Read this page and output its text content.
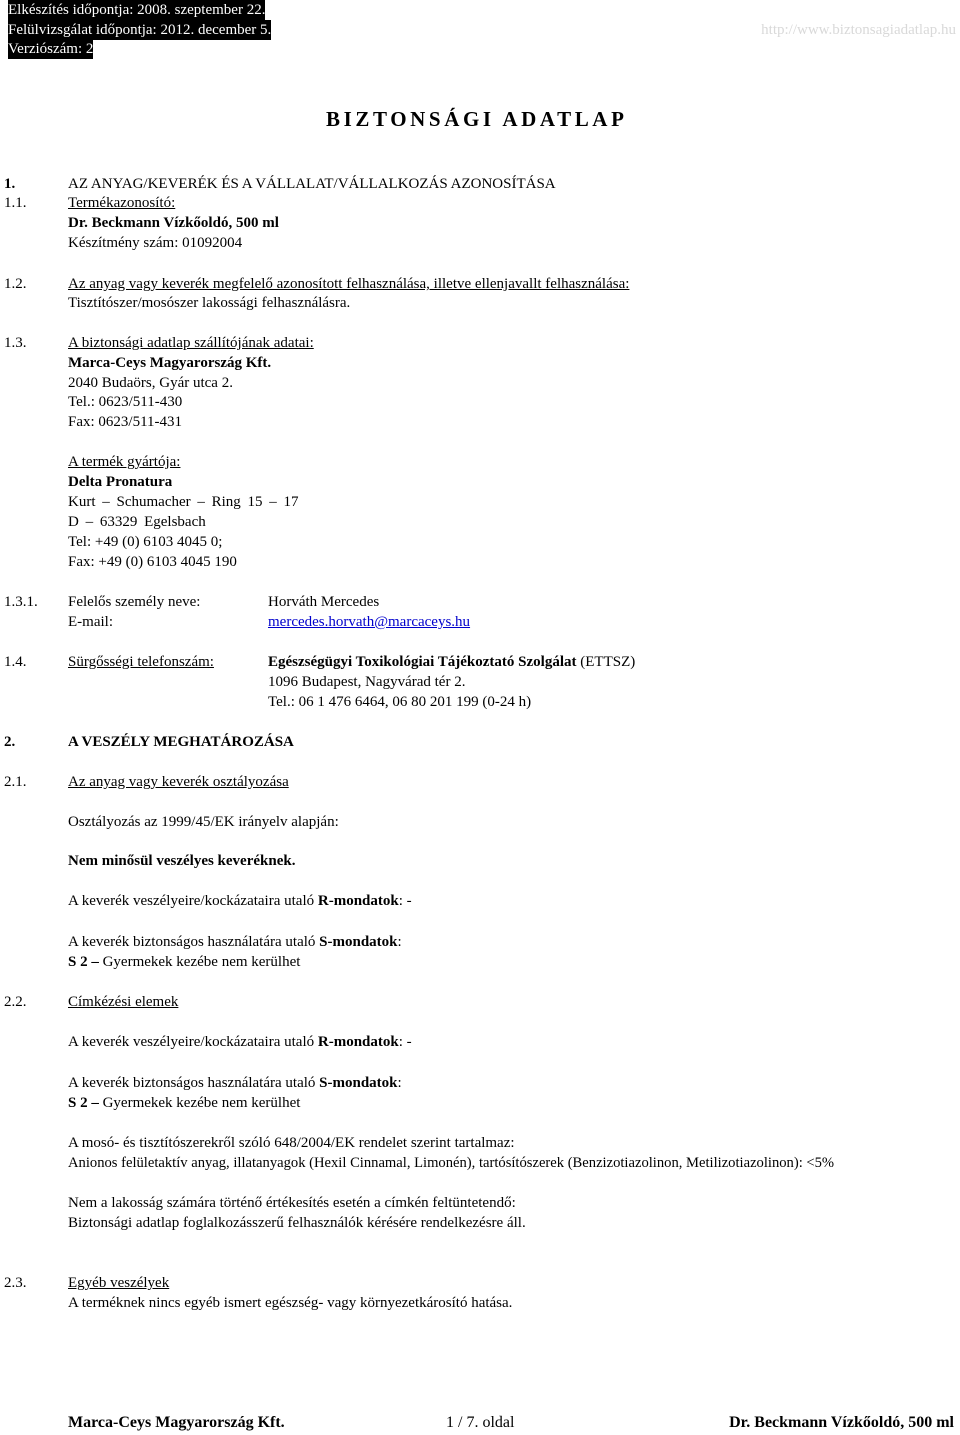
Elkészítés időpontja: 2008. szeptember 22.
Felülvizsgálat időpontja: 2012. december 5.
Verziószám: 2
http://www.biztonsagiadatlap.hu
BIZTONSÁGI ADATLAP
1.	AZ ANYAG/KEVERÉK ÉS A VÁLLALAT/VÁLLALKOZÁS AZONOSÍTÁSA
1.1.	Termékazonosító:
Dr. Beckmann Vízkőoldó, 500 ml
Készítmény szám: 01092004
1.2.	Az anyag vagy keverék megfelelő azonosított felhasználása, illetve ellenjavallt felhasználása:
Tisztítószer/mosószer lakossági felhasználásra.
1.3.	A biztonsági adatlap szállítójának adatai:
Marca-Ceys Magyarország Kft.
2040 Budaörs, Gyár utca 2.
Tel.: 0623/511-430
Fax: 0623/511-431
A termék gyártója:
Delta Pronatura
Kurt – Schumacher – Ring 15 – 17
D – 63329 Egelsbach
Tel: +49 (0) 6103 4045 0;
Fax: +49 (0) 6103 4045 190
1.3.1. Felelős személy neve:	Horváth Mercedes
E-mail:	mercedes.horvath@marcaceys.hu
1.4.	Sürgősségi telefonszám:	Egészségügyi Toxikológiai Tájékoztató Szolgálat (ETTSZ)
1096 Budapest, Nagyvárad tér 2.
Tel.: 06 1 476 6464, 06 80 201 199 (0-24 h)
2.	A VESZÉLY MEGHATÁROZÁSA
2.1.	Az anyag vagy keverék osztályozása
Osztályozás az 1999/45/EK irányelv alapján:
Nem minősül veszélyes keveréknek.
A keverék veszélyeire/kockázataira utaló R-mondatok: -
A keverék biztonságos használatára utaló S-mondatok:
S 2 – Gyermekek kezébe nem kerülhet
2.2.	Címkézési elemek
A keverék veszélyeire/kockázataira utaló R-mondatok: -
A keverék biztonságos használatára utaló S-mondatok:
S 2 – Gyermekek kezébe nem kerülhet
A mosó- és tisztítószerekről szóló 648/2004/EK rendelet szerint tartalmaz:
Anionos felületaktív anyag, illatanyagok (Hexil Cinnamal, Limonén), tartósítószerek (Benzizotiazolinon, Metilizotiazolinon): <5%
Nem a lakosság számára történő értékesítés esetén a címkén feltüntetendő:
Biztonsági adatlap foglalkozásszerű felhasználók kérésére rendelkezésre áll.
2.3.	Egyéb veszélyek
A terméknek nincs egyéb ismert egészség- vagy környezetkárosító hatása.
Marca-Ceys Magyarország Kft.	1 / 7. oldal	Dr. Beckmann Vízkőoldó, 500 ml
